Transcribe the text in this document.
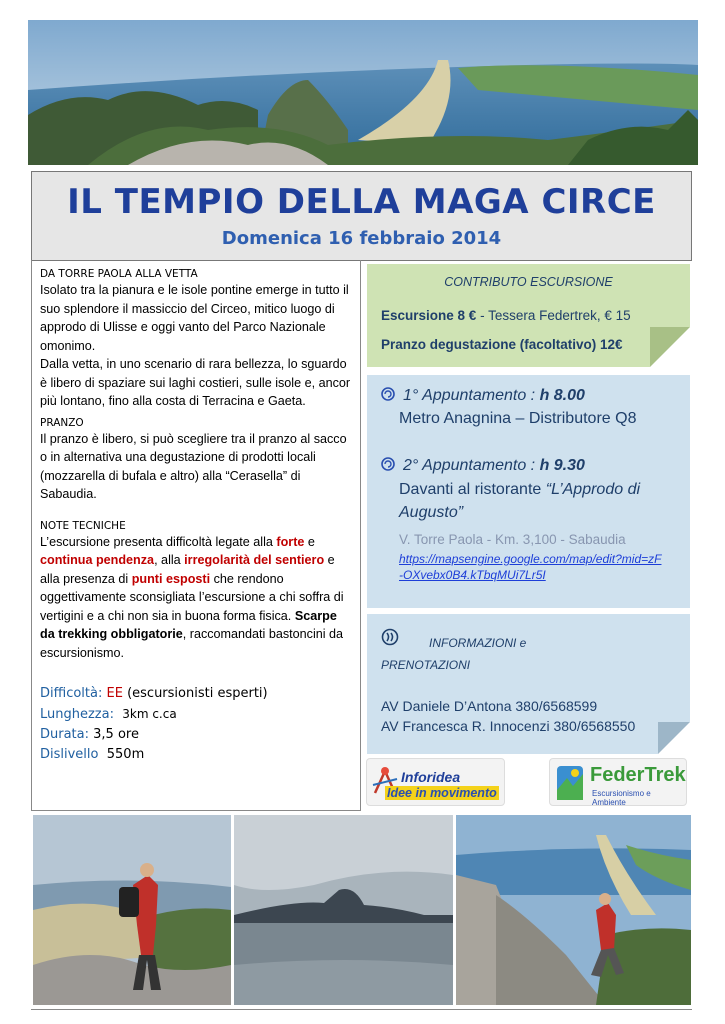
IL TEMPIO DELLA MAGA CIRCE
Domenica 16 febbraio 2014
DA TORRE PAOLA ALLA VETTA
Isolato tra la pianura e le isole pontine emerge in tutto il suo splendore il massiccio del Circeo, mitico luogo di approdo di Ulisse e oggi vanto del Parco Nazionale omonimo.
Dalla vetta, in uno scenario di rara bellezza, lo sguardo è libero di spaziare sui laghi costieri, sulle isole e, ancor più lontano, fino alla costa di Terracina e Gaeta.
PRANZO
Il pranzo è libero, si può scegliere tra il pranzo al sacco o in alternativa una degustazione di prodotti locali (mozzarella di bufala e altro) alla “Cerasella” di Sabaudia.
NOTE TECNICHE
L’escursione presenta difficoltà legate alla forte e continua pendenza, alla irregolarità del sentiero e alla presenza di punti esposti che rendono oggettivamente sconsigliata l’escursione a chi soffra di vertigini e a chi non sia in buona forma fisica. Scarpe da trekking obbligatorie, raccomandati bastoncini da escursionismo.
Difficoltà: EE (escursionisti esperti)
Lunghezza: 3km c.ca
Durata: 3,5 ore
Dislivello 550m
CONTRIBUTO ESCURSIONE
Escursione 8 € - Tessera Federtrek, € 15
Pranzo degustazione (facoltativo) 12€
1° Appuntamento : h 8.00
Metro Anagnina – Distributore Q8
2° Appuntamento : h 9.30
Davanti al ristorante “L’Approdo di
Augusto”
V. Torre Paola - Km. 3,100 - Sabaudia
https://mapsengine.google.com/map/edit?mid=zF
-OXvebx0B4.kTbqMUi7Lr5I
INFORMAZIONI e
PRENOTAZIONI
AV Daniele D’Antona 380/6568599
AV Francesca R. Innocenzi 380/6568550
Inforidea
Idee in movimento
FederTrek
Escursionismo e Ambiente
